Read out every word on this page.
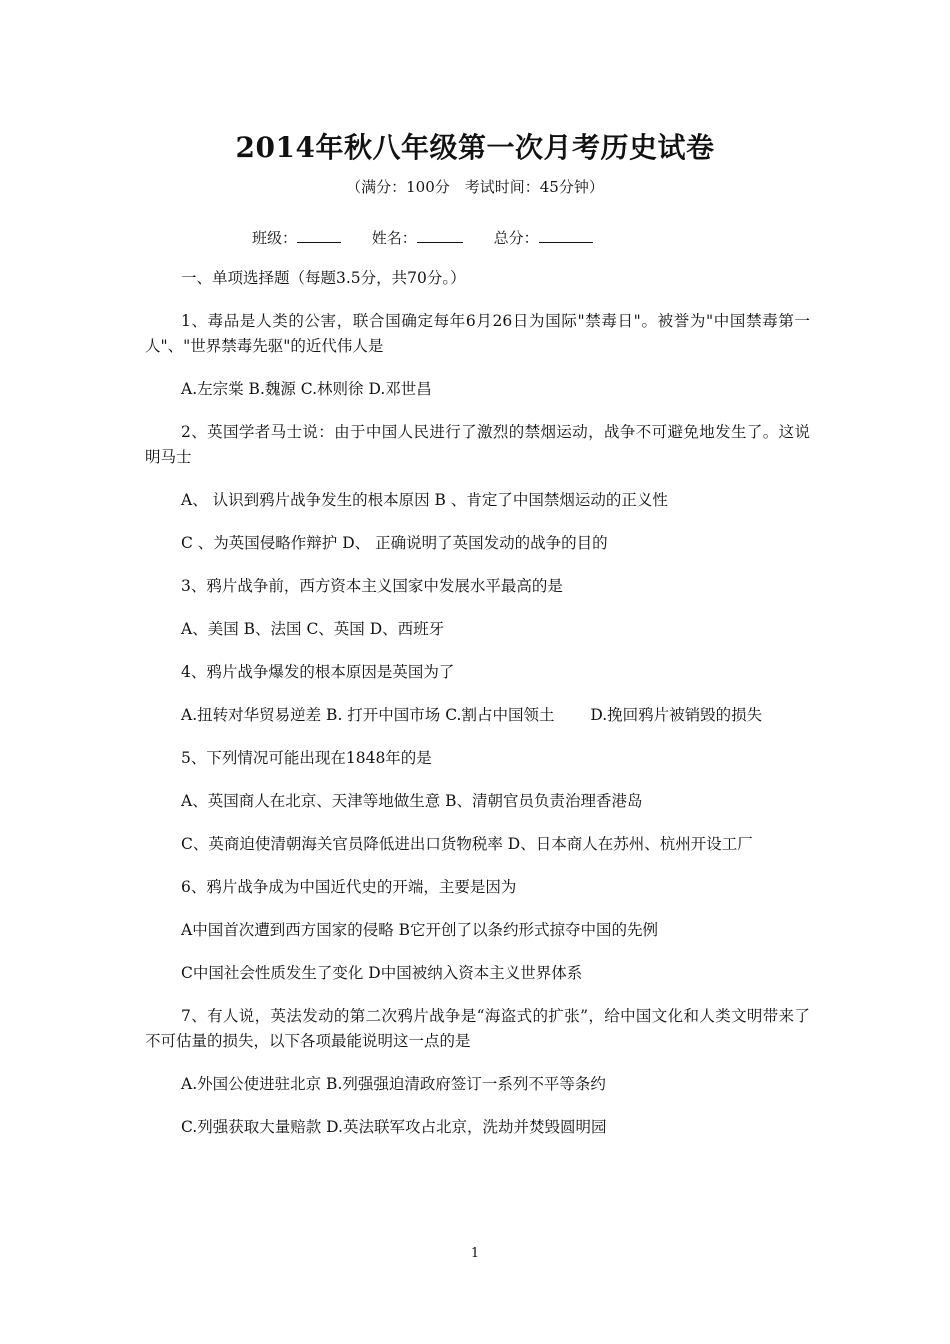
2014年秋八年级第一次月考历史试卷
（满分：100分　考试时间：45分钟）
班级：	姓名：	总分：

一、单项选择题（每题3.5分，共70分。）

1、毒品是人类的公害，联合国确定每年6月26日为国际"禁毒日"。被誉为"中国禁毒第一人"、"世界禁毒先驱"的近代伟人是

A.左宗棠 B.魏源 C.林则徐 D.邓世昌

2、英国学者马士说：由于中国人民进行了激烈的禁烟运动，战争不可避免地发生了。这说明马士

A、 认识到鸦片战争发生的根本原因 B 、肯定了中国禁烟运动的正义性

C 、为英国侵略作辩护 D、 正确说明了英国发动的战争的目的

3、鸦片战争前，西方资本主义国家中发展水平最高的是

A、美国 B、法国 C、英国 D、西班牙

4、鸦片战争爆发的根本原因是英国为了

A.扭转对华贸易逆差 B. 打开中国市场 C.割占中国领土 　　D.挽回鸦片被销毁的损失

5、下列情况可能出现在1848年的是

A、英国商人在北京、天津等地做生意 B、清朝官员负责治理香港岛

C、英商迫使清朝海关官员降低进出口货物税率 D、日本商人在苏州、杭州开设工厂

6、鸦片战争成为中国近代史的开端，主要是因为

A中国首次遭到西方国家的侵略 B它开创了以条约形式掠夺中国的先例

C中国社会性质发生了变化 D中国被纳入资本主义世界体系

7、有人说，英法发动的第二次鸦片战争是“海盗式的扩张”，给中国文化和人类文明带来了不可估量的损失，以下各项最能说明这一点的是

A.外国公使进驻北京 B.列强强迫清政府签订一系列不平等条约

C.列强获取大量赔款 D.英法联军攻占北京，洗劫并焚毁圆明园

1
